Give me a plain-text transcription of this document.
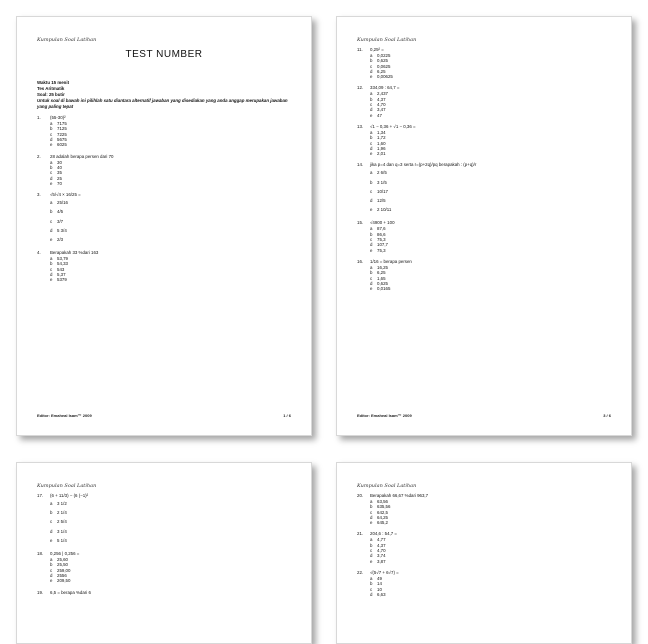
Kumpulan Soal Latihan
TEST NUMBER
Waktu 15 menit
Tes Aritmatik
Soal: 25 butir
Untuk soal di bawah ini pilihlah satu diantara alternatif jawaban yang disediakan yang anda anggap merupakan jawaban yang paling tepat
1.	(55-30)²
a	7175
b	7125
c	7225
d	5675
e	6025
2.	28 adalah berapa persen dari 70
a	30
b	40
c	35
d	25
e	70
3.	√5/√4 × 16/25 =
a	25/16
b	4/5
c	3/7
d	5 3/4
e	2/3
4.	Berapakah 33 %dari 163
a	53,79
b	54,33
c	543
d	5,37
e	5379
Editor: Emaheal Isam™ 2009	1 / 6
Kumpulan Soal Latihan
11.	0,25² =
a	0,0225
b	0,625
c	0,0625
d	6,25
e	0,00625
12.	334,09 : 64,7 =
a	2,437
b	4,37
c	4,70
d	3,47
e	47
13.	√1 − 0,36 + √1 − 0,36 =
a	1,34
b	1,72
c	1,60
d	1,96
e	2,01
14.	jika p=4 dan q=3 serta r=(p+2q)/pq berapakah : (p+q)/r
a	2 6/5
b	3 1/5
c	10/17
d	12/5
e	2 10/11
15.	√4900 + 100
a	87,6
b	86,6
c	75,3
d	107,7
e	75,3
16.	1/16 = berapa persen
a	16,25
b	6,25
c	1,65
d	0,625
e	0,0165
Editor: Emaheal Isam™ 2009	3 / 6
Kumpulan Soal Latihan
17.	(6 + 11/3) − (6 (−1)²
a	3 1/2
b	2 1/4
c	2 5/4
d	3 1/4
e	5 1/4
18.	0,256 | 0,256 =
a	25,60
b	25,50
c	259,00
d	2556
e	209,50
19.	6,5 = berapa %dari 6
Kumpulan Soal Latihan
20.	Berapakah 66,67 %dari 963,7
a	63,56
b	635,56
c	642,5
d	64,25
e	645,2
21.	204,6 : 54,7 =
a	4,77
b	4,37
c	4,70
d	3,74
e	3,87
22.	√(5√7 + 6√7) =
a	49
b	14
c	10
d	6,63
